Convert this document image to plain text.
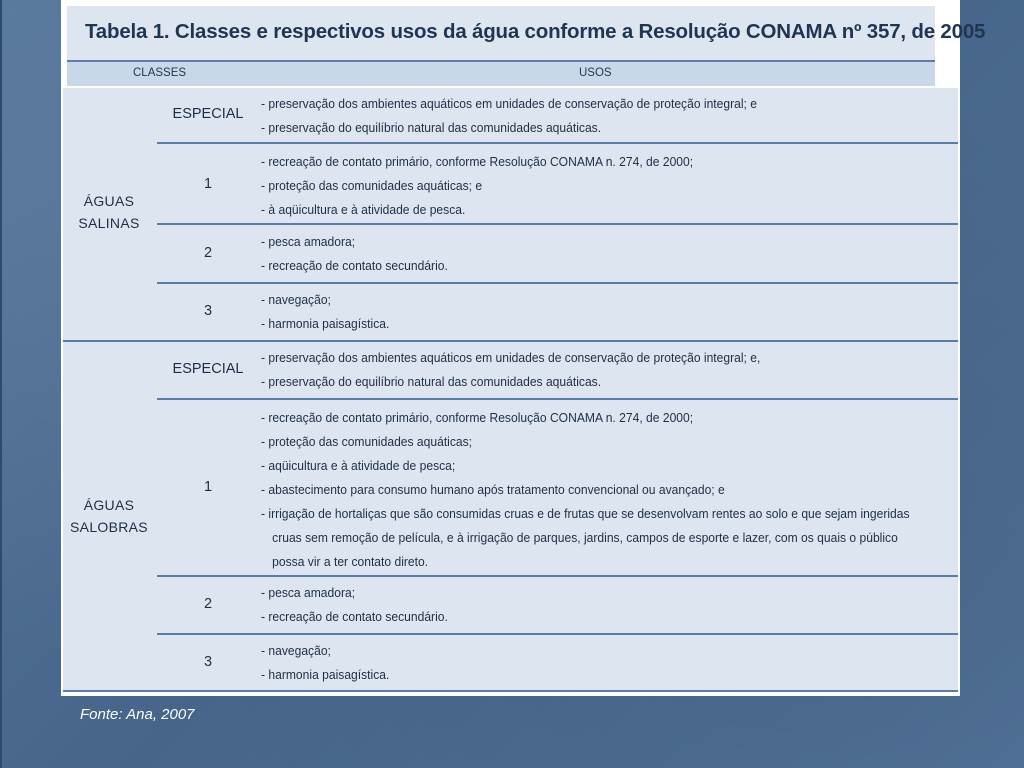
Tabela 1. Classes e respectivos usos da água conforme a Resolução CONAMA nº 357, de 2005
CLASSES	USOS
ÁGUAS
SALINAS
ESPECIAL
- preservação dos ambientes aquáticos em unidades de conservação de proteção integral; e
- preservação do equilíbrio natural das comunidades aquáticas.
1
- recreação de contato primário, conforme Resolução CONAMA n. 274, de 2000;
- proteção das comunidades aquáticas; e
- à aqüicultura e à atividade de pesca.
2
- pesca amadora;
- recreação de contato secundário.
3
- navegação;
- harmonia paisagística.
ÁGUAS
SALOBRAS
ESPECIAL
- preservação dos ambientes aquáticos em unidades de conservação de proteção integral; e,
- preservação do equilíbrio natural das comunidades aquáticas.
1
- recreação de contato primário, conforme Resolução CONAMA n. 274, de 2000;
- proteção das comunidades aquáticas;
- aqüicultura e à atividade de pesca;
- abastecimento para consumo humano após tratamento convencional ou avançado; e
- irrigação de hortaliças que são consumidas cruas e de frutas que se desenvolvam rentes ao solo e que sejam ingeridas
cruas sem remoção de película, e à irrigação de parques, jardins, campos de esporte e lazer, com os quais o público
possa vir a ter contato direto.
2
- pesca amadora;
- recreação de contato secundário.
3
- navegação;
- harmonia paisagística.
Fonte: Ana, 2007
